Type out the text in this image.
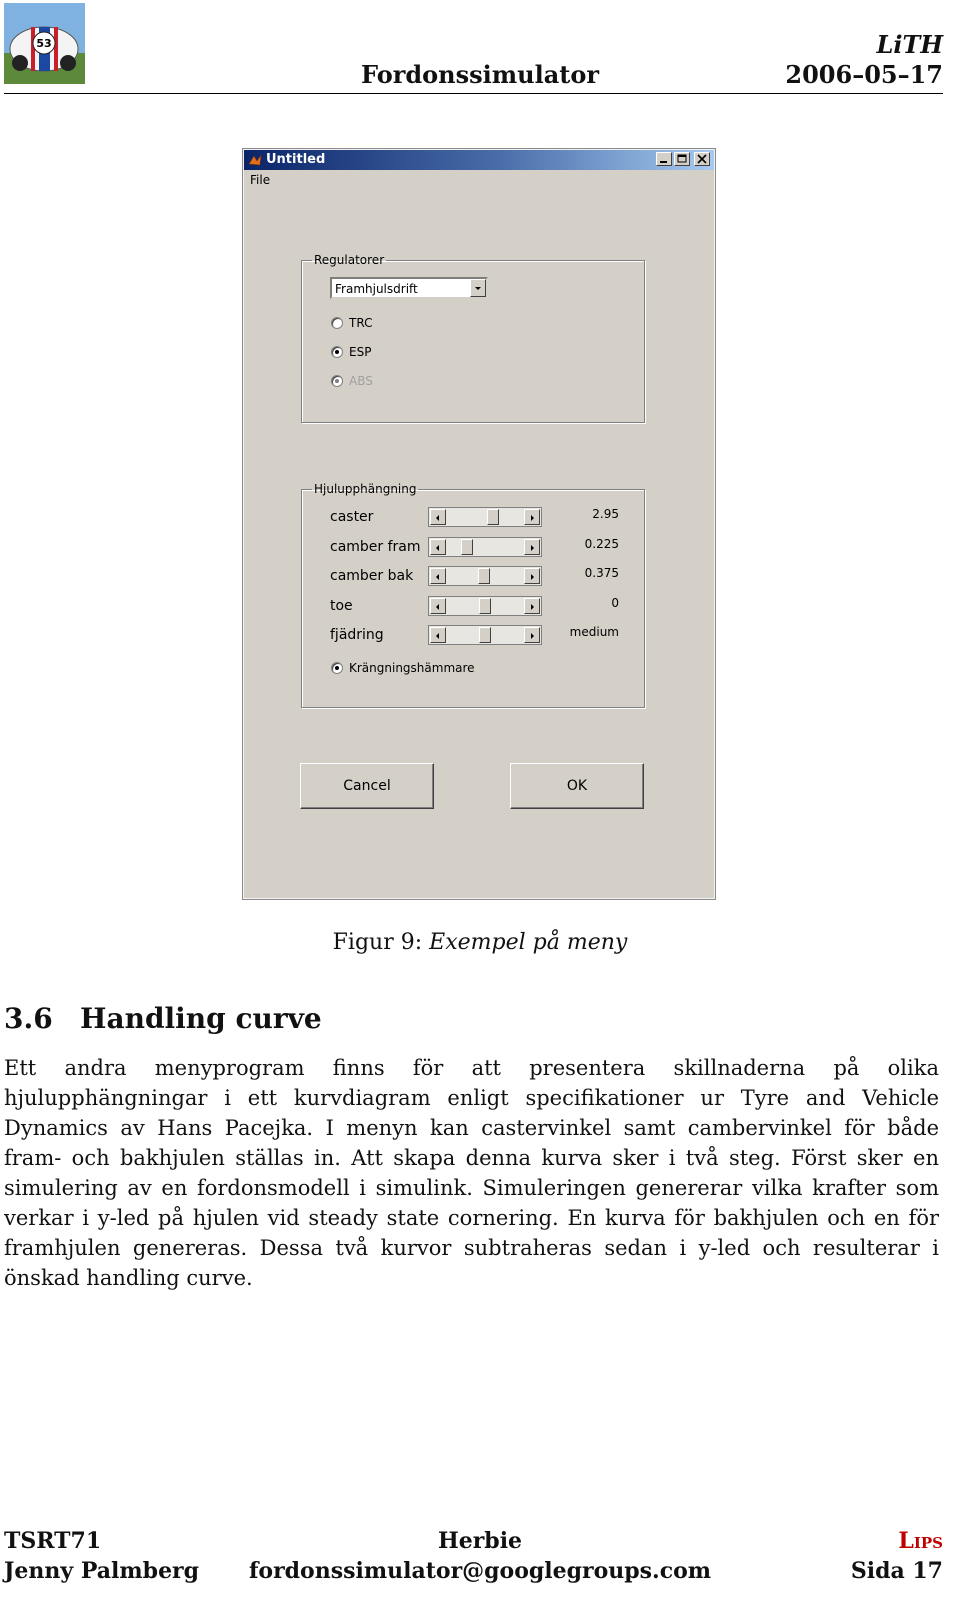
53
Fordonssimulator
LiTH
2006–05–17
Untitled
File
Regulatorer
Framhjulsdrift
TRC
ESP
ABS
Hjulupphängning
caster	2.95
camber fram	0.225
camber bak	0.375
toe	0
fjädring	medium
Krängningshämmare
Cancel	OK
Figur 9: Exempel på meny
3.6 Handling curve

Ett andra menyprogram finns för att presentera skillnaderna på olika hjulupphängningar i ett kurvdiagram enligt specifikationer ur Tyre and Vehicle Dynamics av Hans Pacejka. I menyn kan castervinkel samt cambervinkel för både fram- och bakhjulen ställas in. Att skapa denna kurva sker i två steg. Först sker en simulering av en fordonsmodell i simulink. Simuleringen genererar vilka krafter som verkar i y-led på hjulen vid steady state cornering. En kurva för bakhjulen och en för framhjulen genereras. Dessa två kurvor subtraheras sedan i y-led och resulterar i önskad handling curve.

Herbie
fordonssimulator@googlegroups.com
TSRT71
Jenny Palmberg
Lips
Sida 17
